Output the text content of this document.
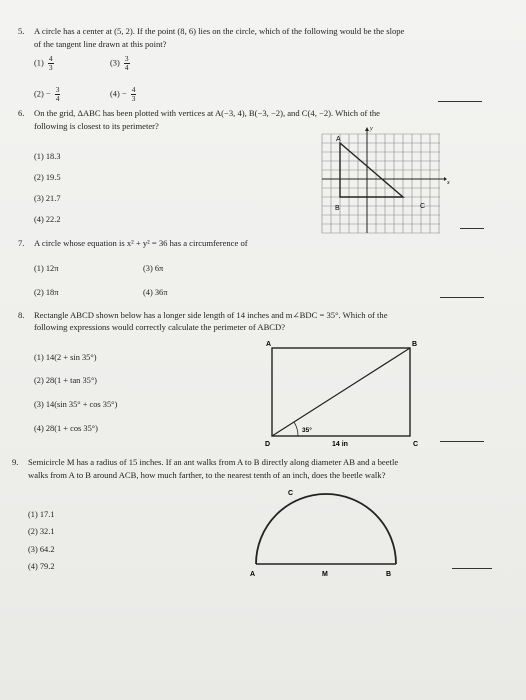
5. A circle has a center at (5, 2). If the point (8, 6) lies on the circle, which of the following would be the slope
of the tangent line drawn at this point?
$(1) \frac{4}{3}$	$(3) \frac{3}{4}$
$(2) - \frac{3}{4}$	$(4) - \frac{4}{3}$
6. On the grid, ΔABC has been plotted with vertices at A(−3, 4), B(−3, −2), and C(4, −2). Which of the
following is closest to its perimeter?
(1) 18.3
(2) 19.5
(3) 21.7
(4) 22.2
A
B	C
x
y
7. A circle whose equation is x² + y² = 36 has a circumference of
(1) 12π	(3) 6π
(2) 18π	(4) 36π
8. Rectangle ABCD shown below has a longer side length of 14 inches and m∠BDC = 35°. Which of the
following expressions would correctly calculate the perimeter of ABCD?
(1) 14(2 + sin 35°)
(2) 28(1 + tan 35°)
(3) 14(sin 35° + cos 35°)
(4) 28(1 + cos 35°)
A	B
C
D
35°
14 in
9. Semicircle M has a radius of 15 inches. If an ant walks from A to B directly along diameter AB and a beetle
walks from A to B around ACB, how much farther, to the nearest tenth of an inch, does the beetle walk?
(1) 17.1
(2) 32.1
(3) 64.2
(4) 79.2
C
A	M	B
